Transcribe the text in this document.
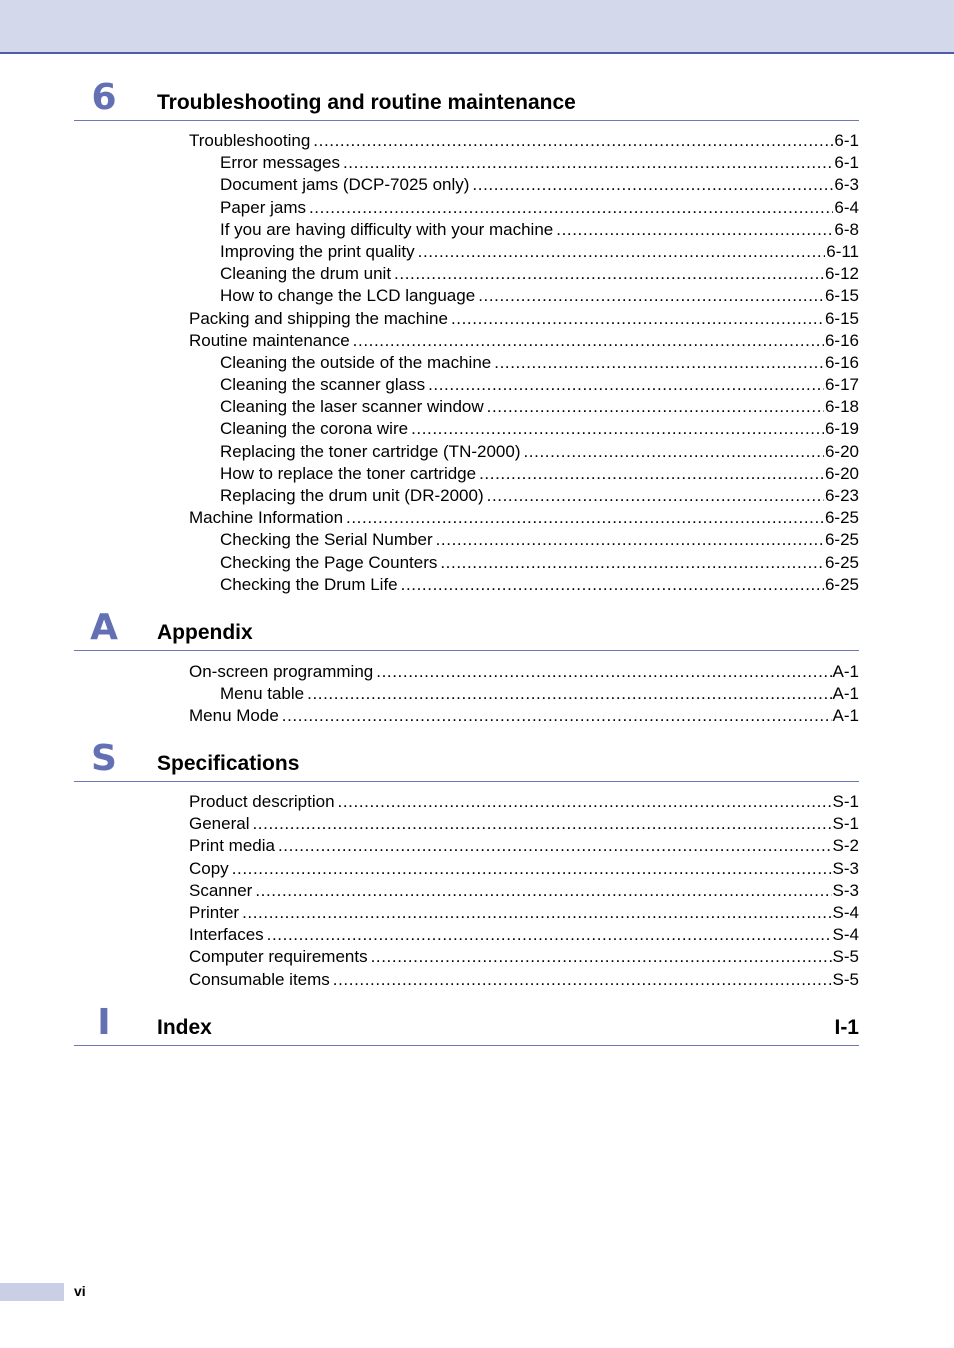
6 Troubleshooting and routine maintenance
Troubleshooting .....	6-1
Error messages .....	6-1
Document jams (DCP-7025 only) .....	6-3
Paper jams .....	6-4
If you are having difficulty with your machine .....	6-8
Improving the print quality .....	6-11
Cleaning the drum unit .....	6-12
How to change the LCD language .....	6-15
Packing and shipping the machine .....	6-15
Routine maintenance .....	6-16
Cleaning the outside of the machine .....	6-16
Cleaning the scanner glass .....	6-17
Cleaning the laser scanner window .....	6-18
Cleaning the corona wire .....	6-19
Replacing the toner cartridge (TN-2000) .....	6-20
How to replace the toner cartridge .....	6-20
Replacing the drum unit (DR-2000) .....	6-23
Machine Information .....	6-25
Checking the Serial Number .....	6-25
Checking the Page Counters .....	6-25
Checking the Drum Life .....	6-25
A Appendix
On-screen programming .....	A-1
Menu table .....	A-1
Menu Mode .....	A-1
S Specifications
Product description .....	S-1
General .....	S-1
Print media .....	S-2
Copy .....	S-3
Scanner .....	S-3
Printer .....	S-4
Interfaces .....	S-4
Computer requirements .....	S-5
Consumable items .....	S-5
I	Index	I-1
vi
